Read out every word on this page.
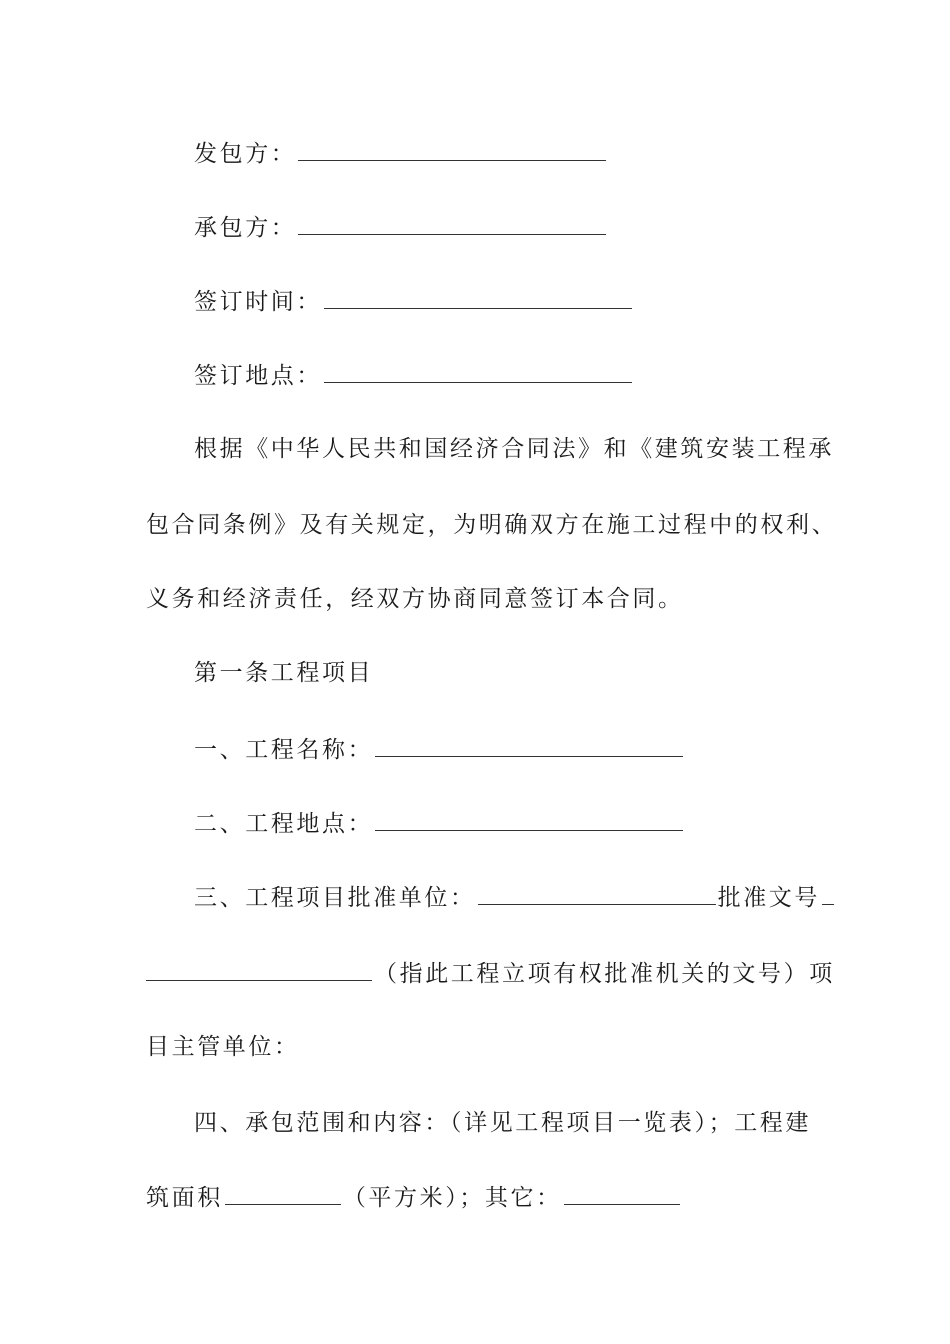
发包方：
承包方：
签订时间：
签订地点：
根据《中华人民共和国经济合同法》和《建筑安装工程承
包合同条例》及有关规定，为明确双方在施工过程中的权利、
义务和经济责任，经双方协商同意签订本合同。
第一条工程项目
一、工程名称：
二、工程地点：
三、工程项目批准单位：	批准文号
（指此工程立项有权批准机关的文号）项
目主管单位：
四、承包范围和内容：（详见工程项目一览表）；工程建
筑面积	（平方米）；其它：
